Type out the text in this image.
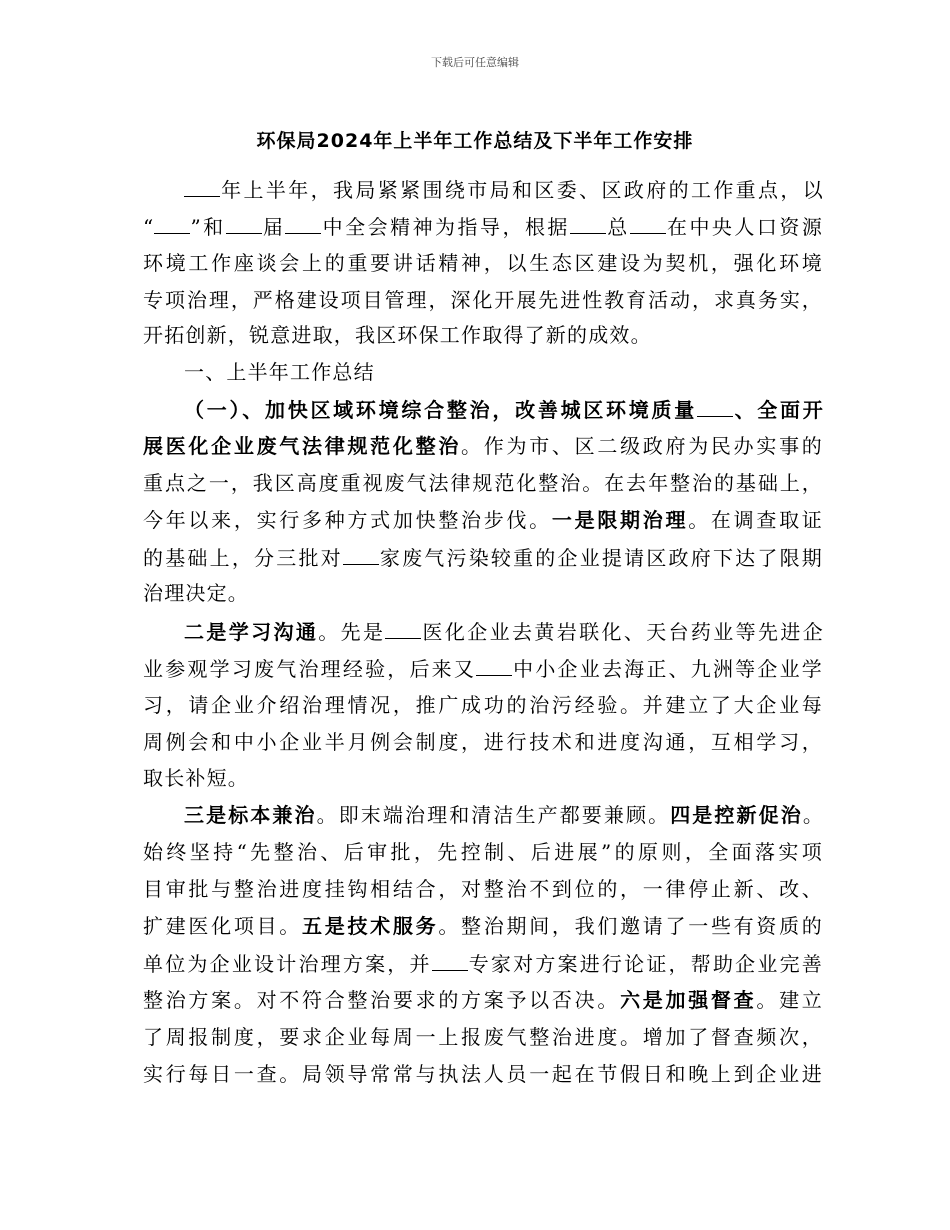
下载后可任意编辑
环保局2024年上半年工作总结及下半年工作安排
年上半年，我局紧紧围绕市局和区委、区政府的工作重点，以
“ ”和 届 中全会精神为指导，根据 总 在中央人口资源
环境工作座谈会上的重要讲话精神，以生态区建设为契机，强化环境
专项治理，严格建设项目管理，深化开展先进性教育活动，求真务实，
开拓创新，锐意进取，我区环保工作取得了新的成效。
一、上半年工作总结
（一）、加快区域环境综合整治，改善城区环境质量 、全面开
展医化企业废气法律规范化整治。作为市、区二级政府为民办实事的
重点之一，我区高度重视废气法律规范化整治。在去年整治的基础上，
今年以来，实行多种方式加快整治步伐。一是限期治理。在调查取证
的基础上，分三批对 家废气污染较重的企业提请区政府下达了限期
治理决定。
二是学习沟通。先是 医化企业去黄岩联化、天台药业等先进企
业参观学习废气治理经验，后来又 中小企业去海正、九洲等企业学
习，请企业介绍治理情况，推广成功的治污经验。并建立了大企业每
周例会和中小企业半月例会制度，进行技术和进度沟通，互相学习，
取长补短。
三是标本兼治。即末端治理和清洁生产都要兼顾。四是控新促治。
始终坚持“先整治、后审批，先控制、后进展”的原则，全面落实项
目审批与整治进度挂钩相结合，对整治不到位的，一律停止新、改、
扩建医化项目。五是技术服务。整治期间，我们邀请了一些有资质的
单位为企业设计治理方案，并 专家对方案进行论证，帮助企业完善
整治方案。对不符合整治要求的方案予以否决。六是加强督查。建立
了周报制度，要求企业每周一上报废气整治进度。增加了督查频次，
实行每日一查。局领导常常与执法人员一起在节假日和晚上到企业进
